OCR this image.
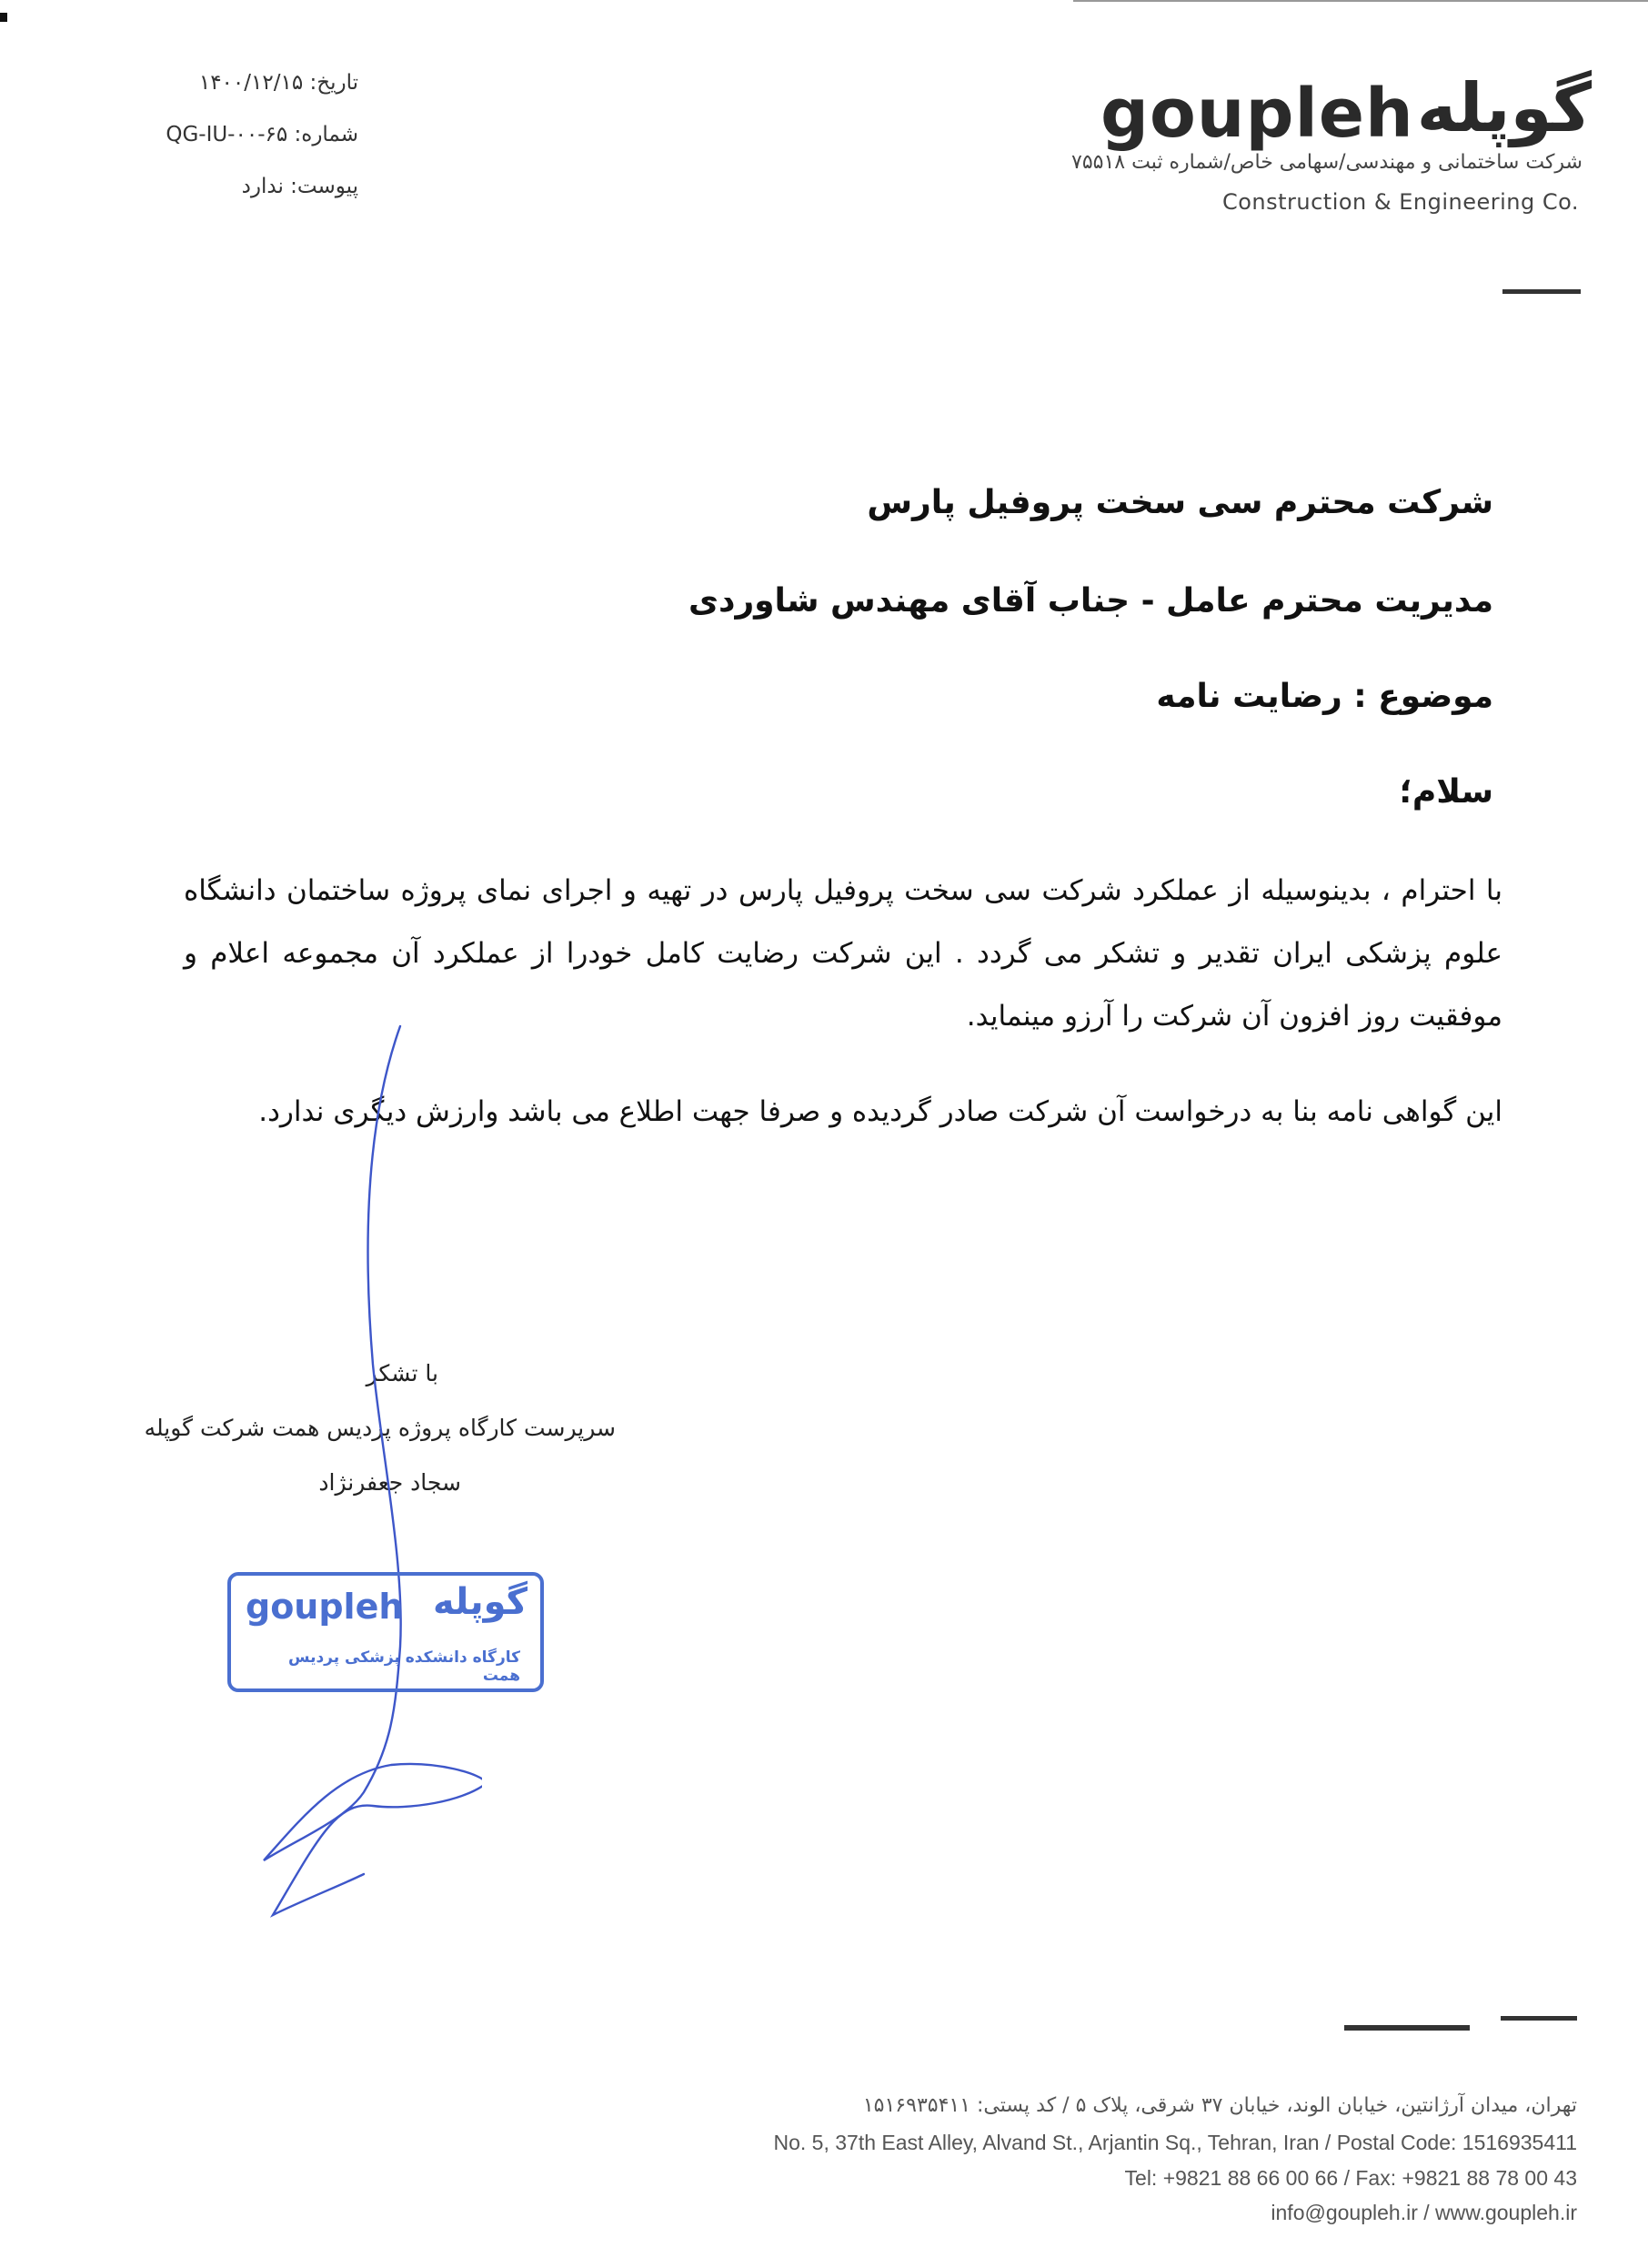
تاریخ: ۱۴۰۰/۱۲/۱۵
شماره: QG-IU-۰۰-۶۵
پیوست: ندارد
goupleh گوپله
شرکت ساختمانی و مهندسی/سهامی خاص/شماره ثبت ۷۵۵۱۸
Construction & Engineering Co.
شرکت محترم سی سخت پروفیل پارس
مدیریت محترم عامل - جناب آقای مهندس شاوردی
موضوع : رضایت نامه
سلام؛
با احترام ، بدینوسیله از عملکرد شرکت سی سخت پروفیل پارس در تهیه و اجرای نمای پروژه ساختمان دانشگاه علوم پزشکی ایران تقدیر و تشکر می گردد . این شرکت رضایت کامل خودرا از عملکرد آن مجموعه اعلام و موفقیت روز افزون آن شرکت را آرزو مینماید.
این گواهی نامه بنا به درخواست آن شرکت صادر گردیده و صرفا جهت اطلاع می باشد وارزش دیگری ندارد.
با تشکر
سرپرست کارگاه پروژه پردیس همت شرکت گوپله
سجاد جعفرنژاد
goupleh گوپله
کارگاه دانشکده پزشکی پردیس همت
تهران، میدان آرژانتین، خیابان الوند، خیابان ۳۷ شرقی، پلاک ۵ / کد پستی: ۱۵۱۶۹۳۵۴۱۱
No. 5, 37th East Alley, Alvand St., Arjantin Sq., Tehran, Iran / Postal Code: 1516935411
Tel: +9821 88 66 00 66 / Fax: +9821 88 78 00 43
info@goupleh.ir / www.goupleh.ir
